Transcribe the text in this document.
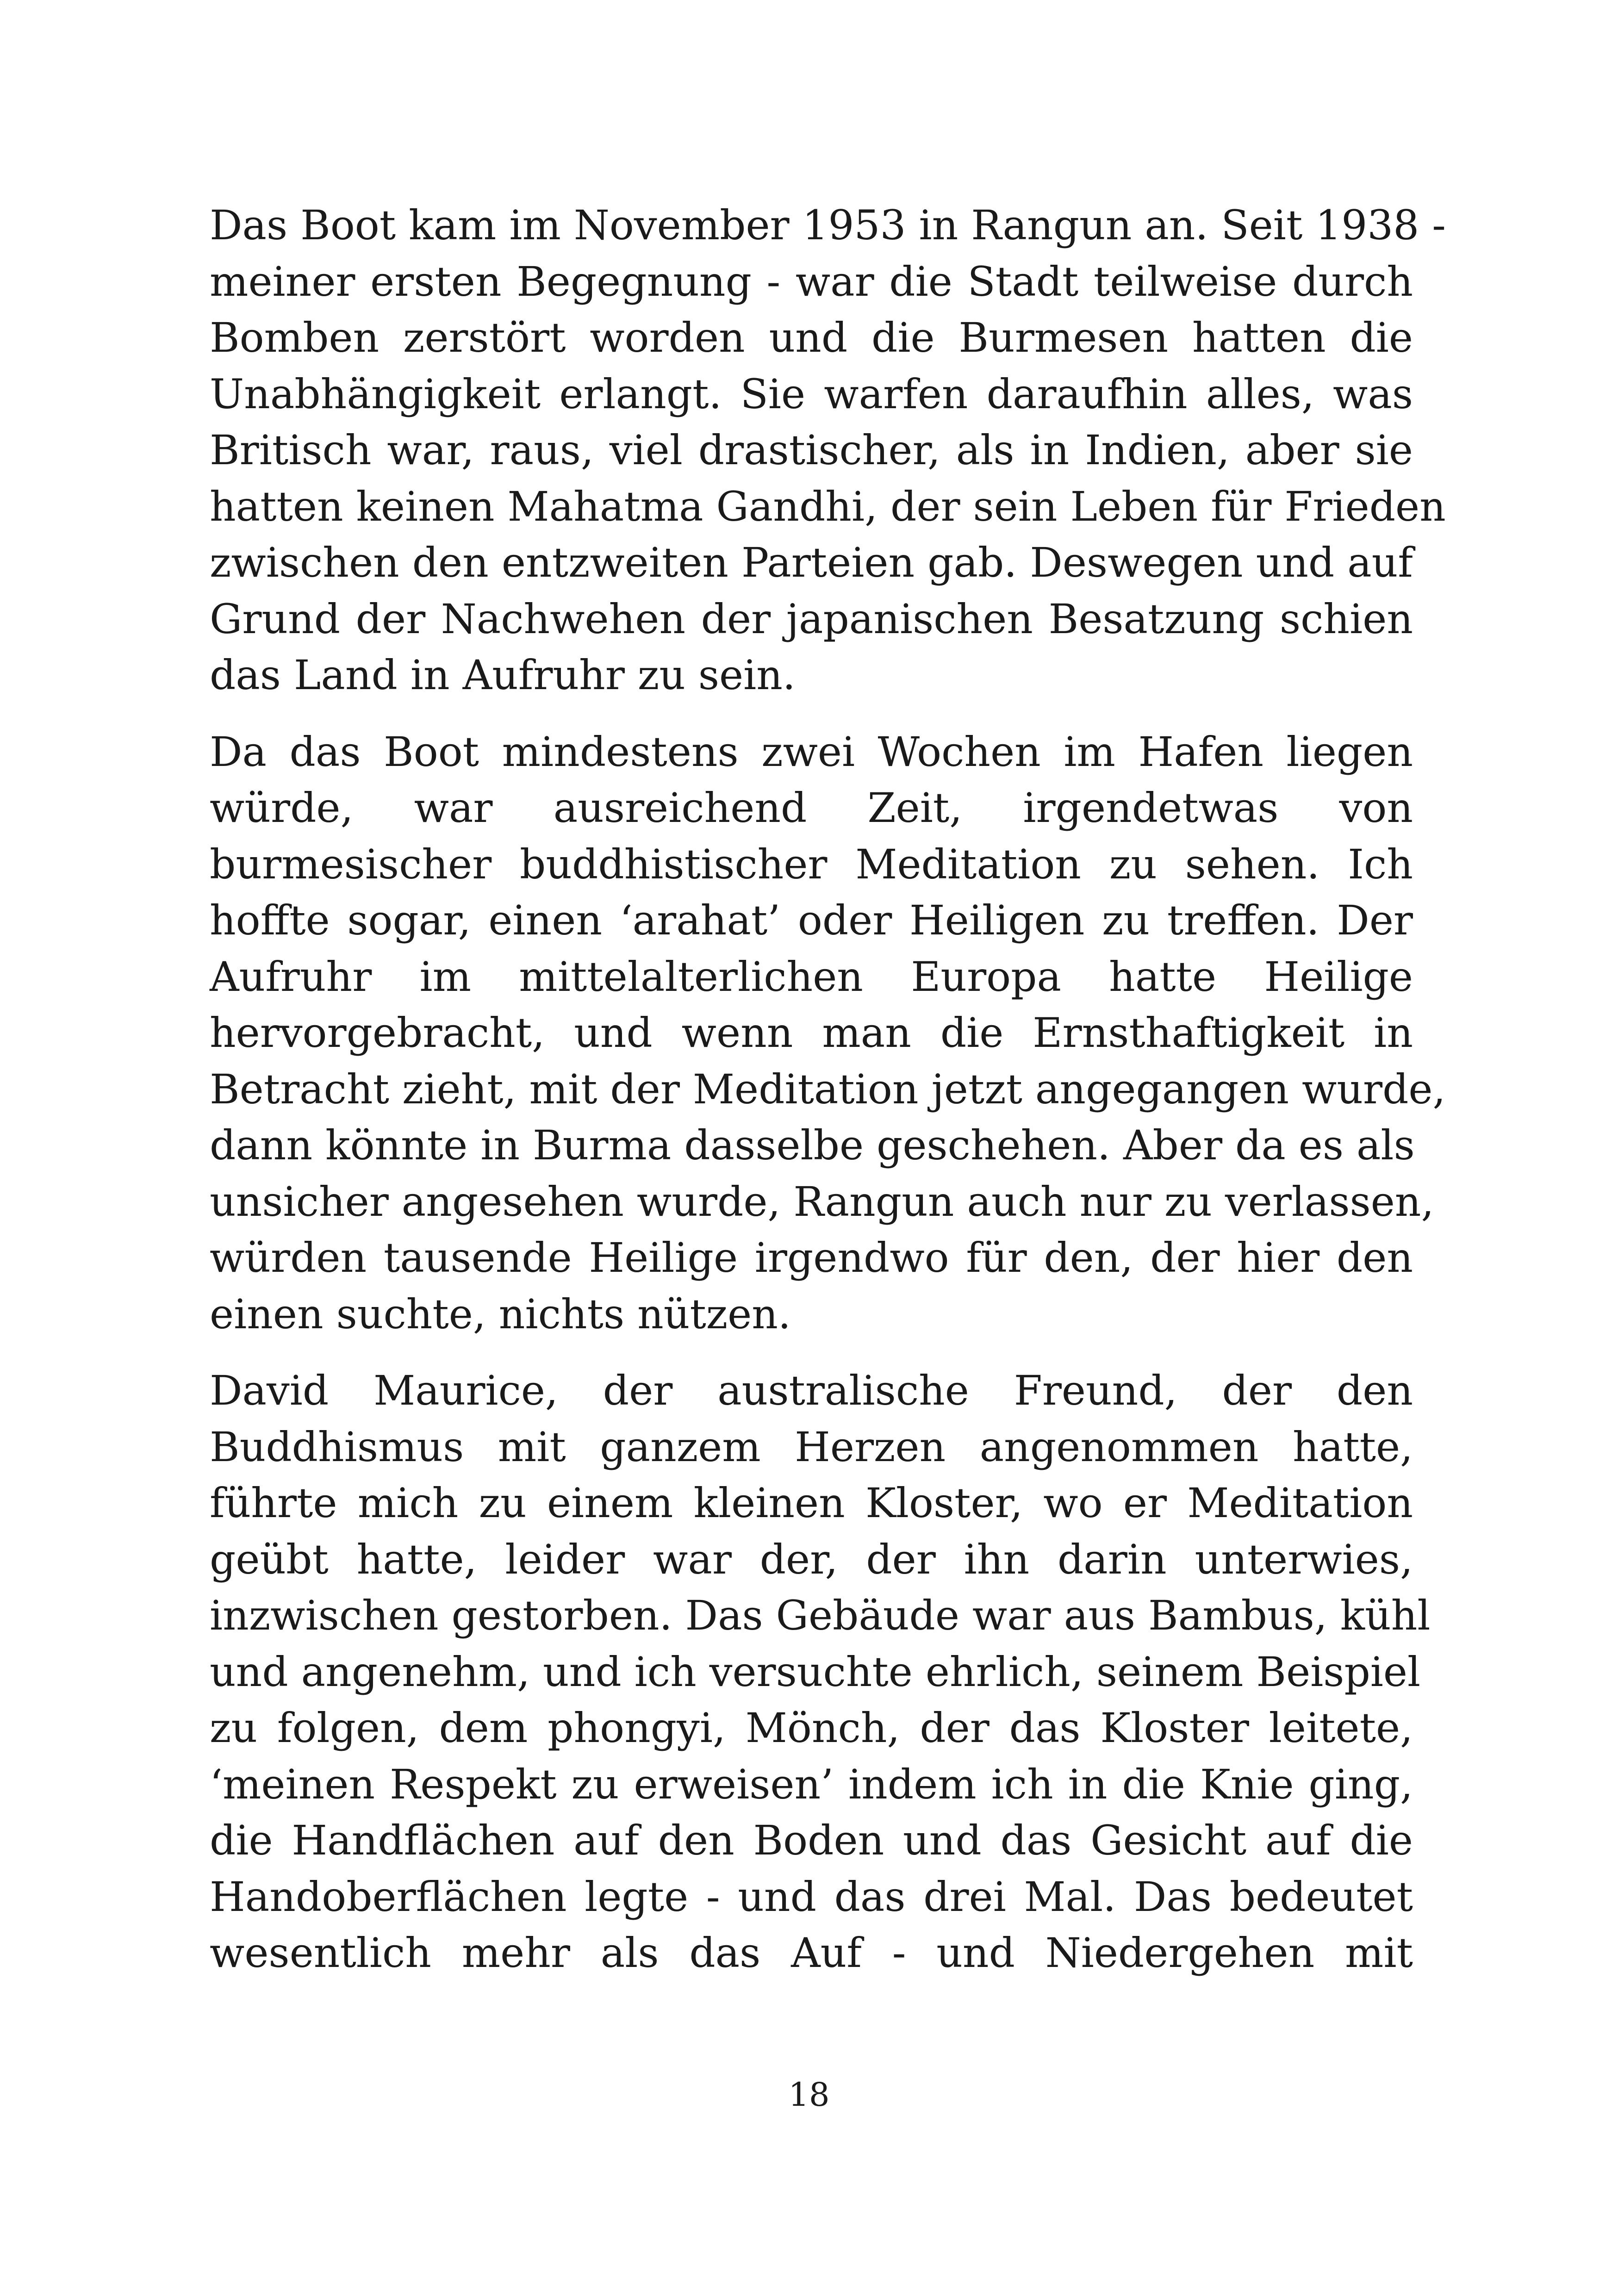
Das Boot kam im November 1953 in Rangun an. Seit 1938 -
meiner ersten Begegnung - war die Stadt teilweise durch
Bomben zerstört worden und die Burmesen hatten die
Unabhängigkeit erlangt. Sie warfen daraufhin alles, was
Britisch war, raus, viel drastischer, als in Indien, aber sie
hatten keinen Mahatma Gandhi, der sein Leben für Frieden
zwischen den entzweiten Parteien gab. Deswegen und auf
Grund der Nachwehen der japanischen Besatzung schien
das Land in Aufruhr zu sein.
Da das Boot mindestens zwei Wochen im Hafen liegen
würde, war ausreichend Zeit, irgendetwas von
burmesischer buddhistischer Meditation zu sehen. Ich
hoffte sogar, einen ‘arahat’ oder Heiligen zu treffen. Der
Aufruhr im mittelalterlichen Europa hatte Heilige
hervorgebracht, und wenn man die Ernsthaftigkeit in
Betracht zieht, mit der Meditation jetzt angegangen wurde,
dann könnte in Burma dasselbe geschehen. Aber da es als
unsicher angesehen wurde, Rangun auch nur zu verlassen,
würden tausende Heilige irgendwo für den, der hier den
einen suchte, nichts nützen.
David Maurice, der australische Freund, der den
Buddhismus mit ganzem Herzen angenommen hatte,
führte mich zu einem kleinen Kloster, wo er Meditation
geübt hatte, leider war der, der ihn darin unterwies,
inzwischen gestorben. Das Gebäude war aus Bambus, kühl
und angenehm, und ich versuchte ehrlich, seinem Beispiel
zu folgen, dem phongyi, Mönch, der das Kloster leitete,
‘meinen Respekt zu erweisen’ indem ich in die Knie ging,
die Handflächen auf den Boden und das Gesicht auf die
Handoberflächen legte - und das drei Mal. Das bedeutet
wesentlich mehr als das Auf - und Niedergehen mit
18
